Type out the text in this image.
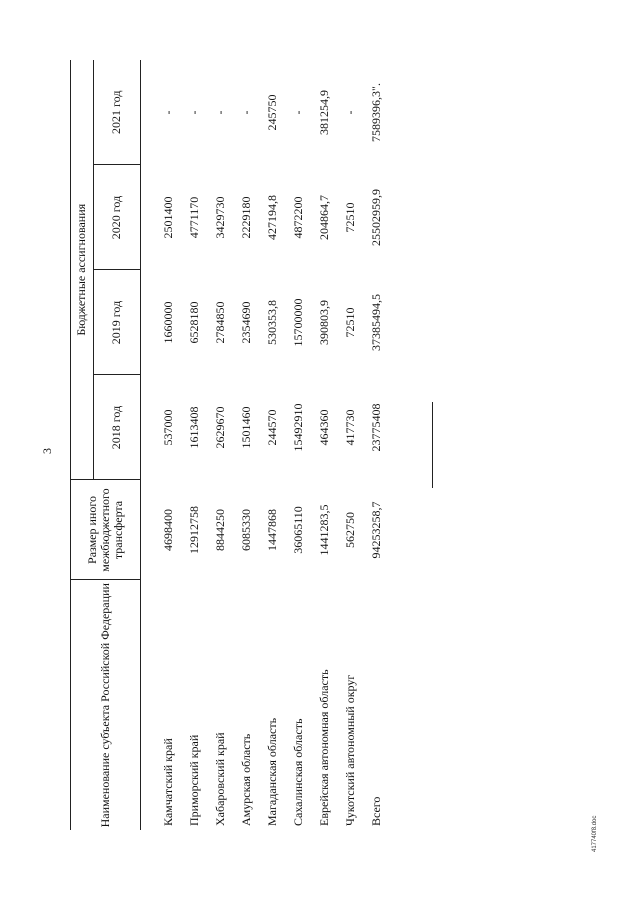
3
417740f8.doc
Наименование субъекта Российской Федерации	Размер иного межбюджетного трансферта	Бюджетные ассигнования			
		2018 год	2019 год	2020 год	2021 год
Камчатский край	4698400	537000	1660000	2501400	-
Приморский край	12912758	1613408	6528180	4771170	-
Хабаровский край	8844250	2629670	2784850	3429730	-
Амурская область	6085330	1501460	2354690	2229180	-
Магаданская область	1447868	244570	530353,8	427194,8	245750
Сахалинская область	36065110	15492910	15700000	4872200	-
Еврейская автономная область	1441283,5	464360	390803,9	204864,7	381254,9
Чукотский автономный округ	562750	417730	72510	72510	-
Всего	94253258,7	23775408	37385494,5	25502959,9	7589396,3".
